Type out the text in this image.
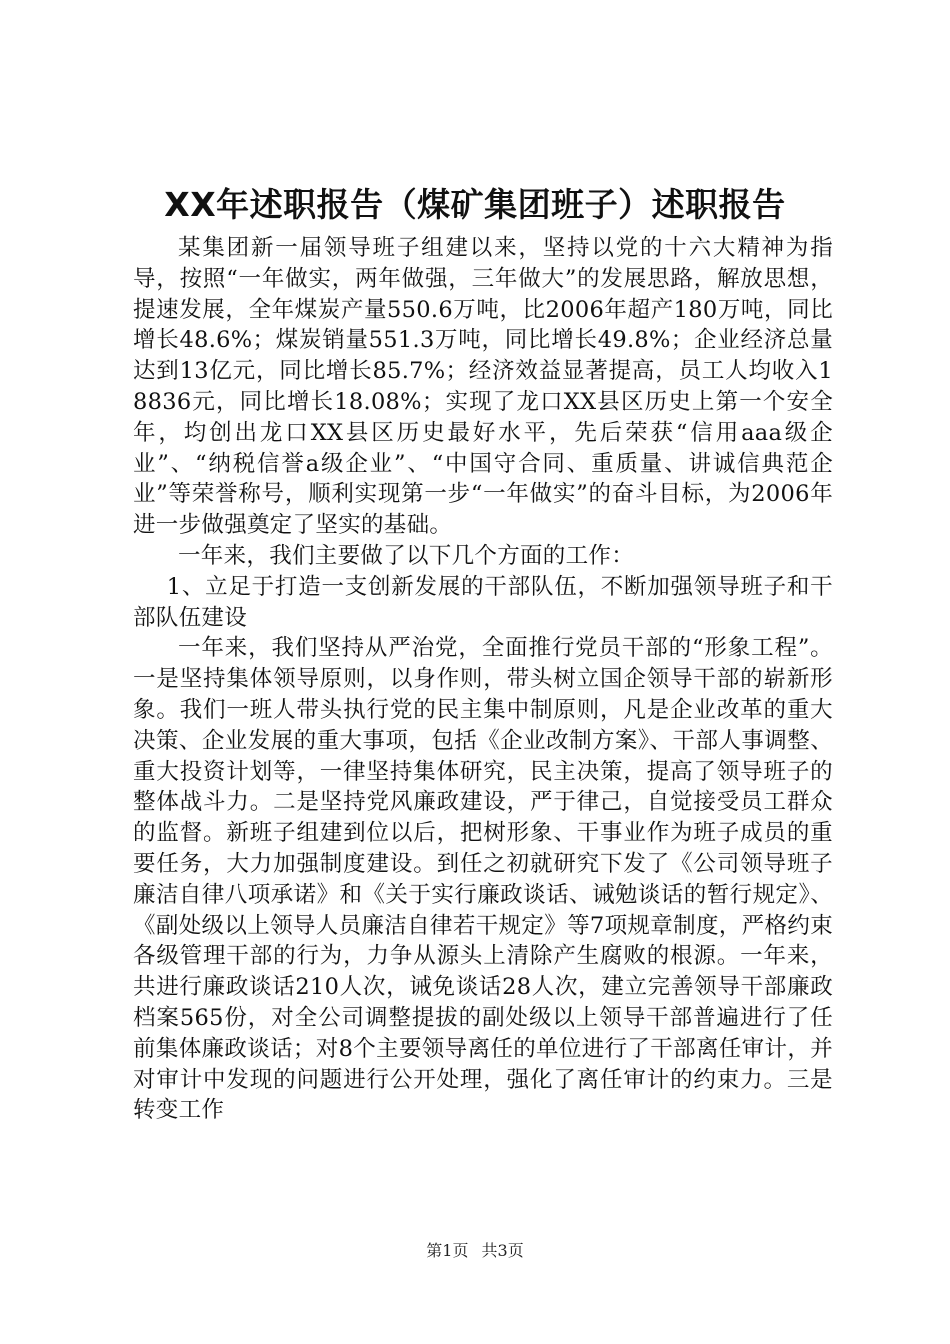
XX年述职报告（煤矿集团班子）述职报告

某集团新一届领导班子组建以来，坚持以党的十六大精神为指导，按照“一年做实，两年做强，三年做大”的发展思路，解放思想，提速发展，全年煤炭产量550.6万吨，比2006年超产180万吨，同比增长48.6%；煤炭销量551.3万吨，同比增长49.8%；企业经济总量达到13亿元，同比增长85.7%；经济效益显著提高，员工人均收入18836元，同比增长18.08%；实现了龙口XX县区历史上第一个安全年，均创出龙口XX县区历史最好水平，先后荣获“信用aaa级企业”、“纳税信誉a级企业”、“中国守合同、重质量、讲诚信典范企业”等荣誉称号，顺利实现第一步“一年做实”的奋斗目标，为2006年进一步做强奠定了坚实的基础。

一年来，我们主要做了以下几个方面的工作：

1、立足于打造一支创新发展的干部队伍，不断加强领导班子和干部队伍建设

一年来，我们坚持从严治党，全面推行党员干部的“形象工程”。一是坚持集体领导原则，以身作则，带头树立国企领导干部的崭新形象。我们一班人带头执行党的民主集中制原则，凡是企业改革的重大决策、企业发展的重大事项，包括《企业改制方案》、干部人事调整、重大投资计划等，一律坚持集体研究，民主决策，提高了领导班子的整体战斗力。二是坚持党风廉政建设，严于律己，自觉接受员工群众的监督。新班子组建到位以后，把树形象、干事业作为班子成员的重要任务，大力加强制度建设。到任之初就研究下发了《公司领导班子廉洁自律八项承诺》和《关于实行廉政谈话、诫勉谈话的暂行规定》、《副处级以上领导人员廉洁自律若干规定》等7项规章制度，严格约束各级管理干部的行为，力争从源头上清除产生腐败的根源。一年来，共进行廉政谈话210人次，诫免谈话28人次，建立完善领导干部廉政档案565份，对全公司调整提拔的副处级以上领导干部普遍进行了任前集体廉政谈话；对8个主要领导离任的单位进行了干部离任审计，并对审计中发现的问题进行公开处理，强化了离任审计的约束力。三是转变工作

第1页 共3页
